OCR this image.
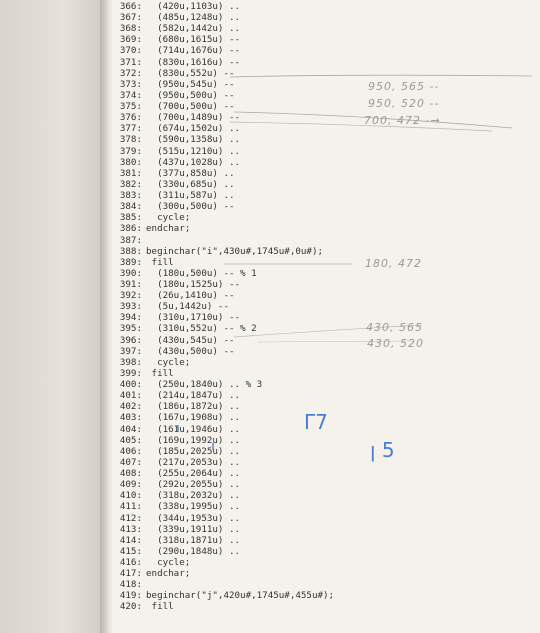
366: (420u,1103u) ..
367: (485u,1248u) ..
368: (582u,1442u) ..
369: (680u,1615u) --
370: (714u,1676u) --
371: (830u,1616u) --
372: (830u,552u) --
373: (950u,545u) --
374: (950u,500u) --
375: (700u,500u) --
376: (700u,1489u) --
377: (674u,1502u) ..
378: (590u,1358u) ..
379: (515u,1210u) ..
380: (437u,1028u) ..
381: (377u,858u) ..
382: (330u,685u) ..
383: (311u,587u) ..
384: (300u,500u) --
385: cycle;
386: endchar;
387:
388: beginchar("i",430u#,1745u#,0u#);
389: fill
390: (180u,500u) -- % 1
391: (180u,1525u) --
392: (26u,1410u) --
393: (5u,1442u) --
394: (310u,1710u) --
395: (310u,552u) -- % 2
396: (430u,545u) --
397: (430u,500u) --
398: cycle;
399: fill
400: (250u,1840u) .. % 3
401: (214u,1847u) ..
402: (186u,1872u) ..
403: (167u,1908u) ..
404: (161u,1946u) ..
405: (169u,1992u) ..
406: (185u,2025u) ..
407: (217u,2053u) ..
408: (255u,2064u) ..
409: (292u,2055u) ..
410: (318u,2032u) ..
411: (338u,1995u) ..
412: (344u,1953u) ..
413: (339u,1911u) ..
414: (318u,1871u) ..
415: (290u,1848u) ..
416: cycle;
417: endchar;
418:
419: beginchar("j",420u#,1745u#,455u#);
420: fill
950, 565 --
950, 520 --
700, 472 -→
180, 472
430, 565
430, 520
Γ7
ꞁ 5
